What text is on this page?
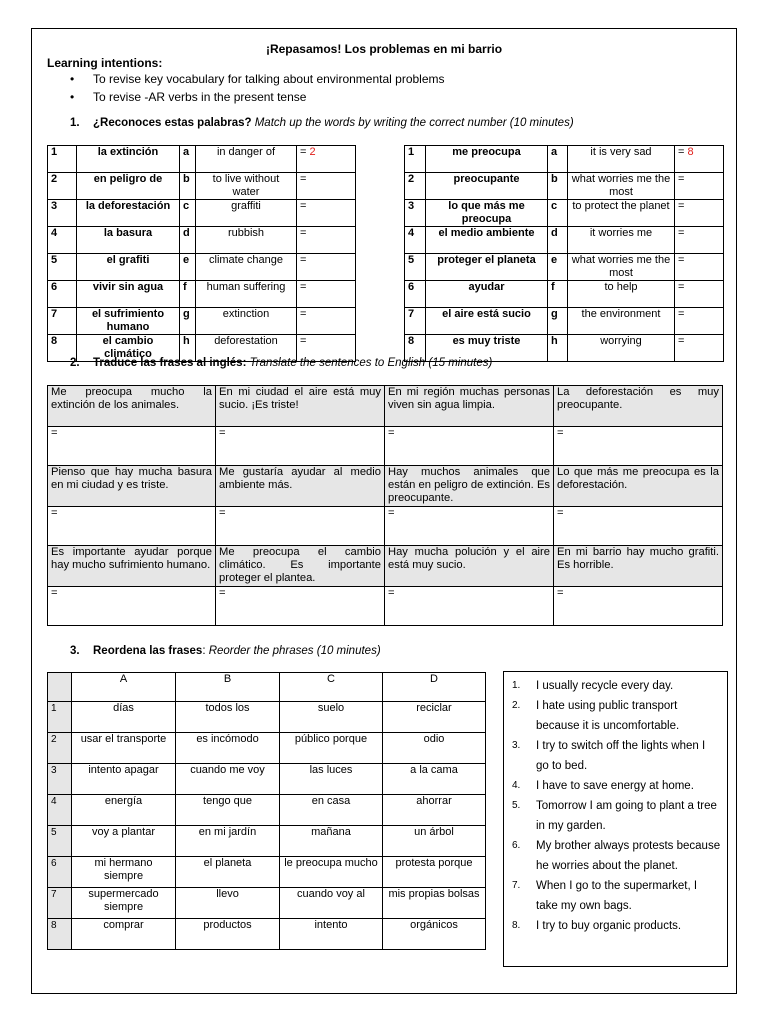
¡Repasamos! Los problemas en mi barrio
Learning intentions:
• To revise key vocabulary for talking about environmental problems
• To revise -AR verbs in the present tense
1. ¿Reconoces estas palabras? Match up the words by writing the correct number (10 minutes)
1	la extinción	a	in danger of	= 2
2	en peligro de	b	to live without water	=
3	la deforestación	c	graffiti	=
4	la basura	d	rubbish	=
5	el grafiti	e	climate change	=
6	vivir sin agua	f	human suffering	=
7	el sufrimiento humano	g	extinction	=
8	el cambio climático	h	deforestation	=
1	me preocupa	a	it is very sad	= 8
2	preocupante	b	what worries me the most	=
3	lo que más me preocupa	c	to protect the planet	=
4	el medio ambiente	d	it worries me	=
5	proteger el planeta	e	what worries me the most	=
6	ayudar	f	to help	=
7	el aire está sucio	g	the environment	=
8	es muy triste	h	worrying	=
2. Traduce las frases al inglés: Translate the sentences to English (15 minutes)
Me preocupa mucho la extinción de los animales.	En mi ciudad el aire está muy sucio. ¡Es triste!	En mi región muchas personas viven sin agua limpia.	La deforestación es muy preocupante.
=	=	=	=
Pienso que hay mucha basura en mi ciudad y es triste.	Me gustaría ayudar al medio ambiente más.	Hay muchos animales que están en peligro de extinción. Es preocupante.	Lo que más me preocupa es la deforestación.
=	=	=	=
Es importante ayudar porque hay mucho sufrimiento humano.	Me preocupa el cambio climático. Es importante proteger el plantea.	Hay mucha polución y el aire está muy sucio.	En mi barrio hay mucho grafiti. Es horrible.
=	=	=	=
3. Reordena las frases: Reorder the phrases (10 minutes)
	A	B	C	D
1	días	todos los	suelo	reciclar
2	usar el transporte	es incómodo	público porque	odio
3	intento apagar	cuando me voy	las luces	a la cama
4	energía	tengo que	en casa	ahorrar
5	voy a plantar	en mi jardín	mañana	un árbol
6	mi hermano siempre	el planeta	le preocupa mucho	protesta porque
7	supermercado siempre	llevo	cuando voy al	mis propias bolsas
8	comprar	productos	intento	orgánicos
1.	I usually recycle every day.
2.	I hate using public transport because it is uncomfortable.
3.	I try to switch off the lights when I go to bed.
4.	I have to save energy at home.
5.	Tomorrow I am going to plant a tree in my garden.
6.	My brother always protests because he worries about the planet.
7.	When I go to the supermarket, I take my own bags.
8.	I try to buy organic products.
